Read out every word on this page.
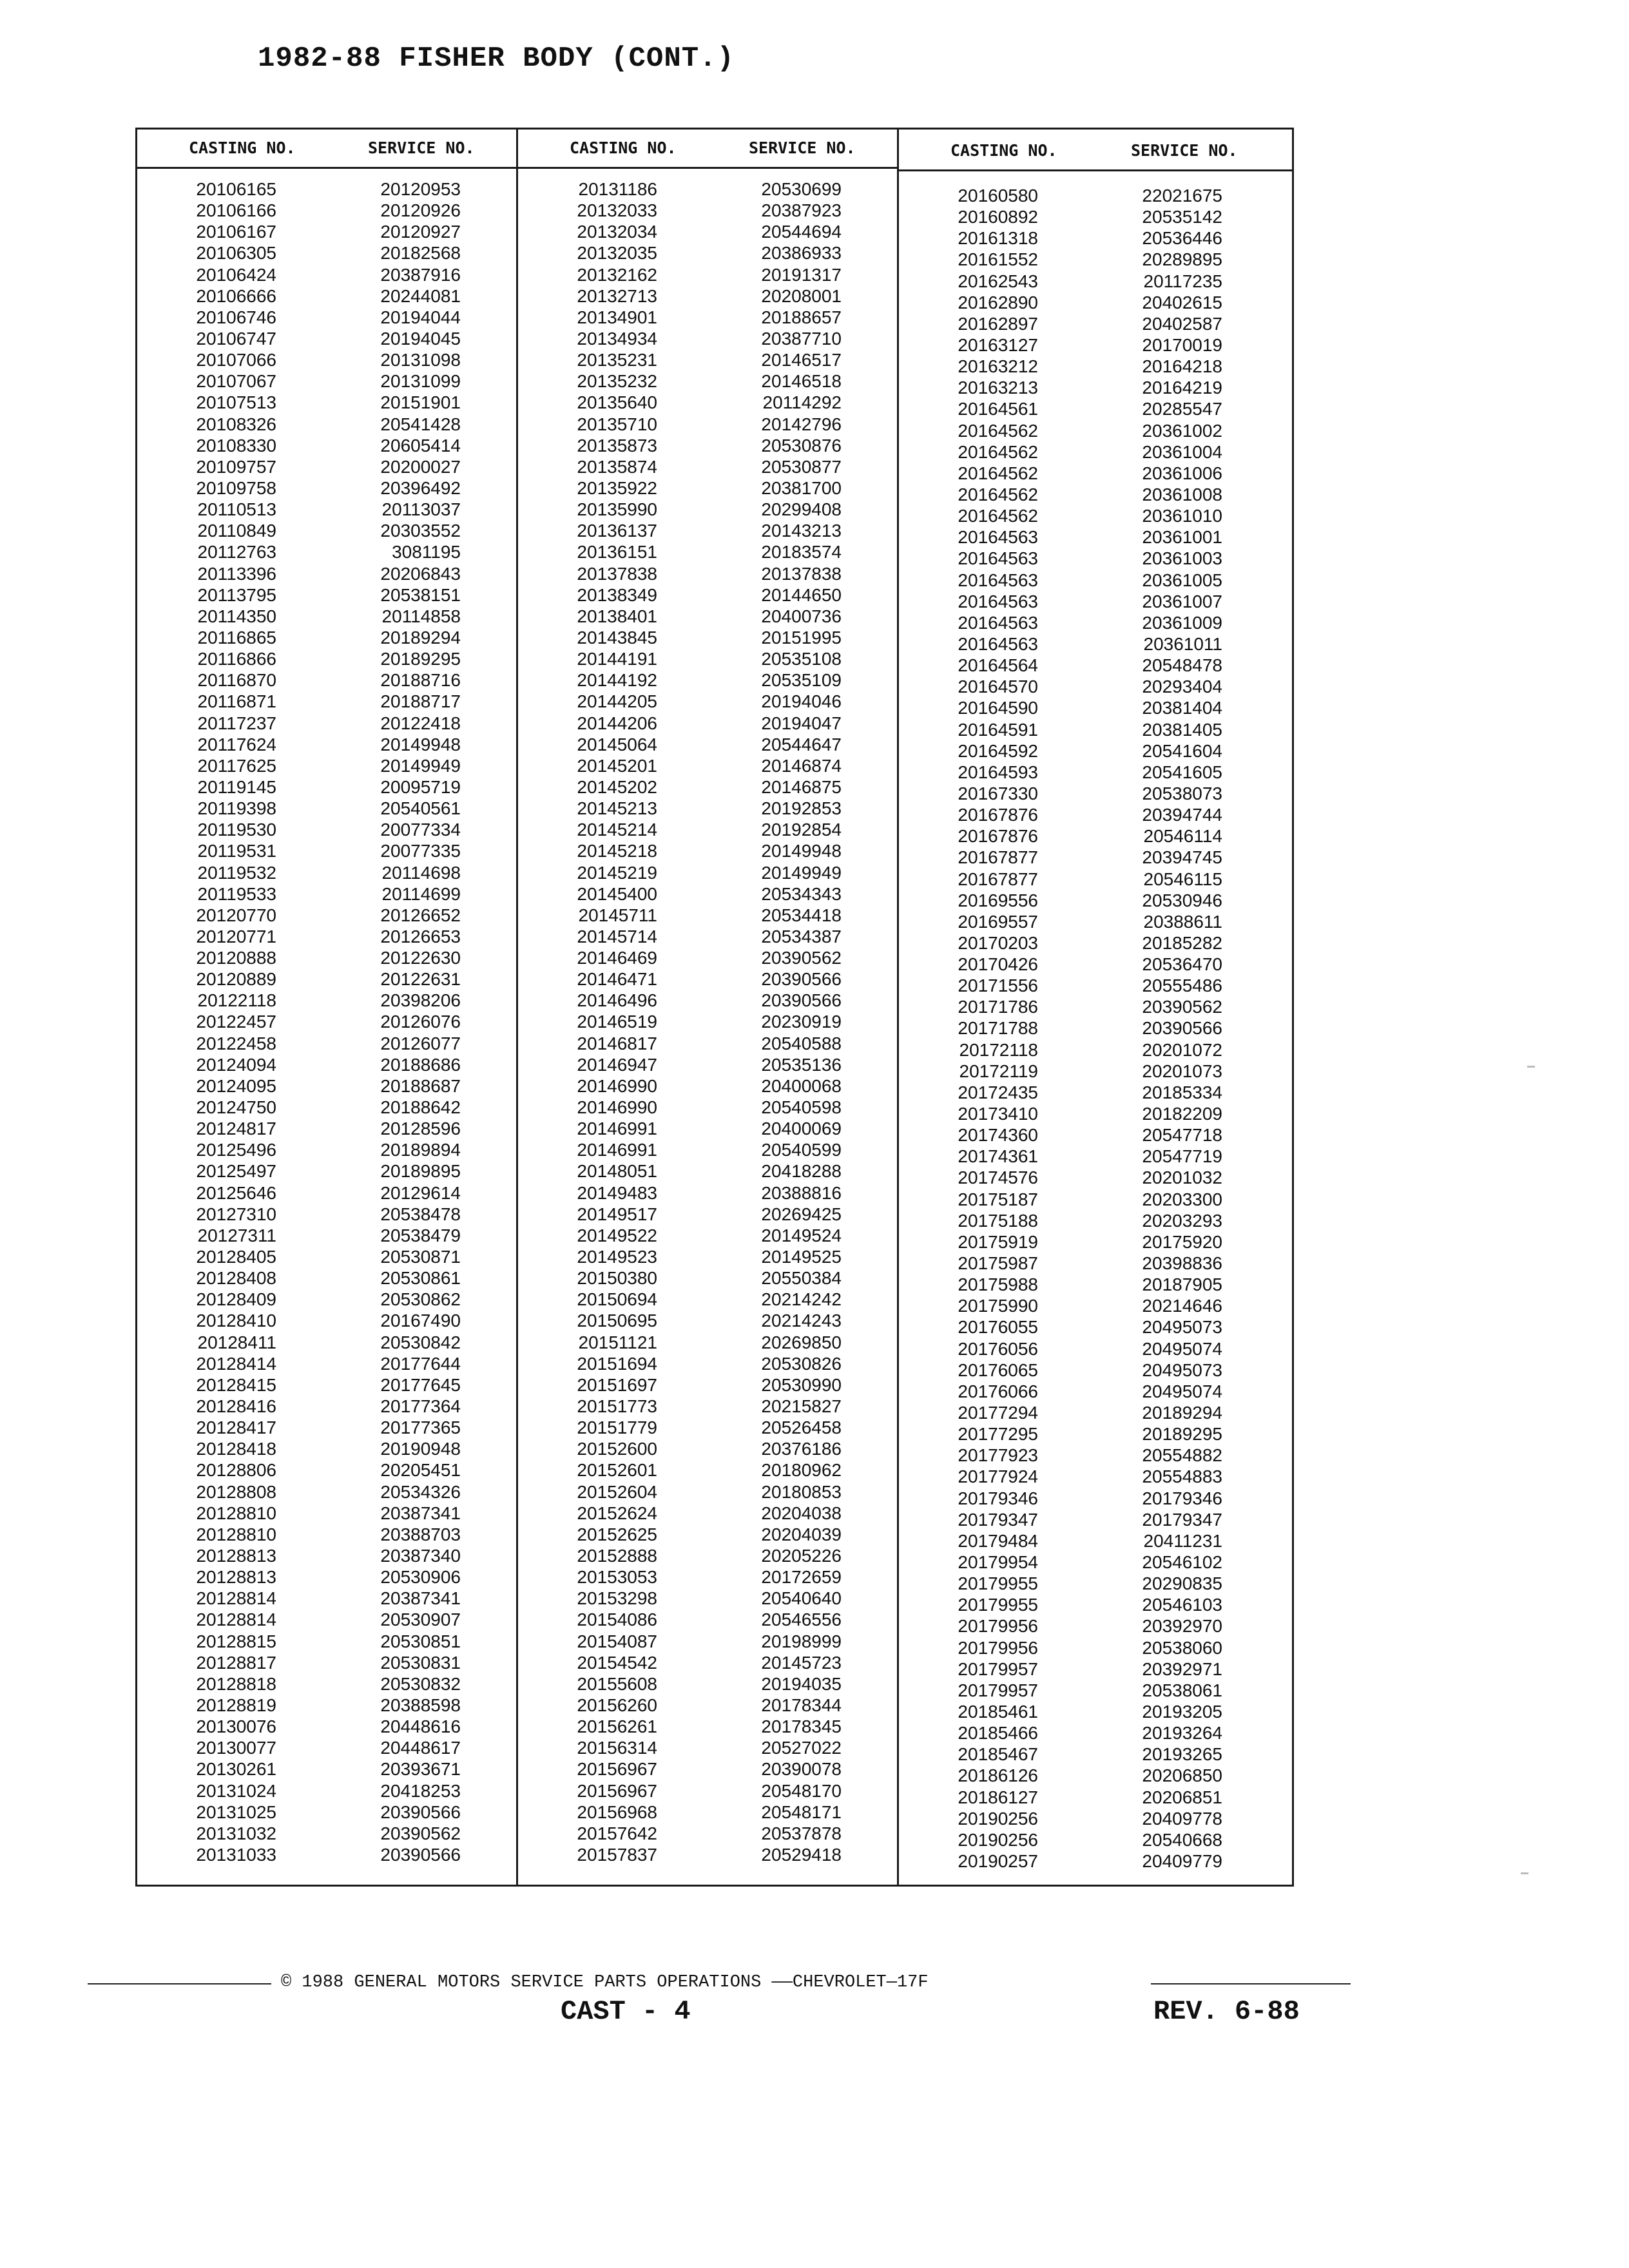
1982-88 FISHER BODY (CONT.)
CASTING NO.	SERVICE NO.
20106165	20120953
20106166	20120926
20106167	20120927
20106305	20182568
20106424	20387916
20106666	20244081
20106746	20194044
20106747	20194045
20107066	20131098
20107067	20131099
20107513	20151901
20108326	20541428
20108330	20605414
20109757	20200027
20109758	20396492
20110513	20113037
20110849	20303552
20112763	3081195
20113396	20206843
20113795	20538151
20114350	20114858
20116865	20189294
20116866	20189295
20116870	20188716
20116871	20188717
20117237	20122418
20117624	20149948
20117625	20149949
20119145	20095719
20119398	20540561
20119530	20077334
20119531	20077335
20119532	20114698
20119533	20114699
20120770	20126652
20120771	20126653
20120888	20122630
20120889	20122631
20122118	20398206
20122457	20126076
20122458	20126077
20124094	20188686
20124095	20188687
20124750	20188642
20124817	20128596
20125496	20189894
20125497	20189895
20125646	20129614
20127310	20538478
20127311	20538479
20128405	20530871
20128408	20530861
20128409	20530862
20128410	20167490
20128411	20530842
20128414	20177644
20128415	20177645
20128416	20177364
20128417	20177365
20128418	20190948
20128806	20205451
20128808	20534326
20128810	20387341
20128810	20388703
20128813	20387340
20128813	20530906
20128814	20387341
20128814	20530907
20128815	20530851
20128817	20530831
20128818	20530832
20128819	20388598
20130076	20448616
20130077	20448617
20130261	20393671
20131024	20418253
20131025	20390566
20131032	20390562
20131033	20390566
CASTING NO.	SERVICE NO.
20131186	20530699
20132033	20387923
20132034	20544694
20132035	20386933
20132162	20191317
20132713	20208001
20134901	20188657
20134934	20387710
20135231	20146517
20135232	20146518
20135640	20114292
20135710	20142796
20135873	20530876
20135874	20530877
20135922	20381700
20135990	20299408
20136137	20143213
20136151	20183574
20137838	20137838
20138349	20144650
20138401	20400736
20143845	20151995
20144191	20535108
20144192	20535109
20144205	20194046
20144206	20194047
20145064	20544647
20145201	20146874
20145202	20146875
20145213	20192853
20145214	20192854
20145218	20149948
20145219	20149949
20145400	20534343
20145711	20534418
20145714	20534387
20146469	20390562
20146471	20390566
20146496	20390566
20146519	20230919
20146817	20540588
20146947	20535136
20146990	20400068
20146990	20540598
20146991	20400069
20146991	20540599
20148051	20418288
20149483	20388816
20149517	20269425
20149522	20149524
20149523	20149525
20150380	20550384
20150694	20214242
20150695	20214243
20151121	20269850
20151694	20530826
20151697	20530990
20151773	20215827
20151779	20526458
20152600	20376186
20152601	20180962
20152604	20180853
20152624	20204038
20152625	20204039
20152888	20205226
20153053	20172659
20153298	20540640
20154086	20546556
20154087	20198999
20154542	20145723
20155608	20194035
20156260	20178344
20156261	20178345
20156314	20527022
20156967	20390078
20156967	20548170
20156968	20548171
20157642	20537878
20157837	20529418
CASTING NO.	SERVICE NO.
20160580	22021675
20160892	20535142
20161318	20536446
20161552	20289895
20162543	20117235
20162890	20402615
20162897	20402587
20163127	20170019
20163212	20164218
20163213	20164219
20164561	20285547
20164562	20361002
20164562	20361004
20164562	20361006
20164562	20361008
20164562	20361010
20164563	20361001
20164563	20361003
20164563	20361005
20164563	20361007
20164563	20361009
20164563	20361011
20164564	20548478
20164570	20293404
20164590	20381404
20164591	20381405
20164592	20541604
20164593	20541605
20167330	20538073
20167876	20394744
20167876	20546114
20167877	20394745
20167877	20546115
20169556	20530946
20169557	20388611
20170203	20185282
20170426	20536470
20171556	20555486
20171786	20390562
20171788	20390566
20172118	20201072
20172119	20201073
20172435	20185334
20173410	20182209
20174360	20547718
20174361	20547719
20174576	20201032
20175187	20203300
20175188	20203293
20175919	20175920
20175987	20398836
20175988	20187905
20175990	20214646
20176055	20495073
20176056	20495074
20176065	20495073
20176066	20495074
20177294	20189294
20177295	20189295
20177923	20554882
20177924	20554883
20179346	20179346
20179347	20179347
20179484	20411231
20179954	20546102
20179955	20290835
20179955	20546103
20179956	20392970
20179956	20538060
20179957	20392971
20179957	20538061
20185461	20193205
20185466	20193264
20185467	20193265
20186126	20206850
20186127	20206851
20190256	20409778
20190256	20540668
20190257	20409779
© 1988 GENERAL MOTORS SERVICE PARTS OPERATIONS ——CHEVROLET—17F
CAST - 4	REV. 6-88
